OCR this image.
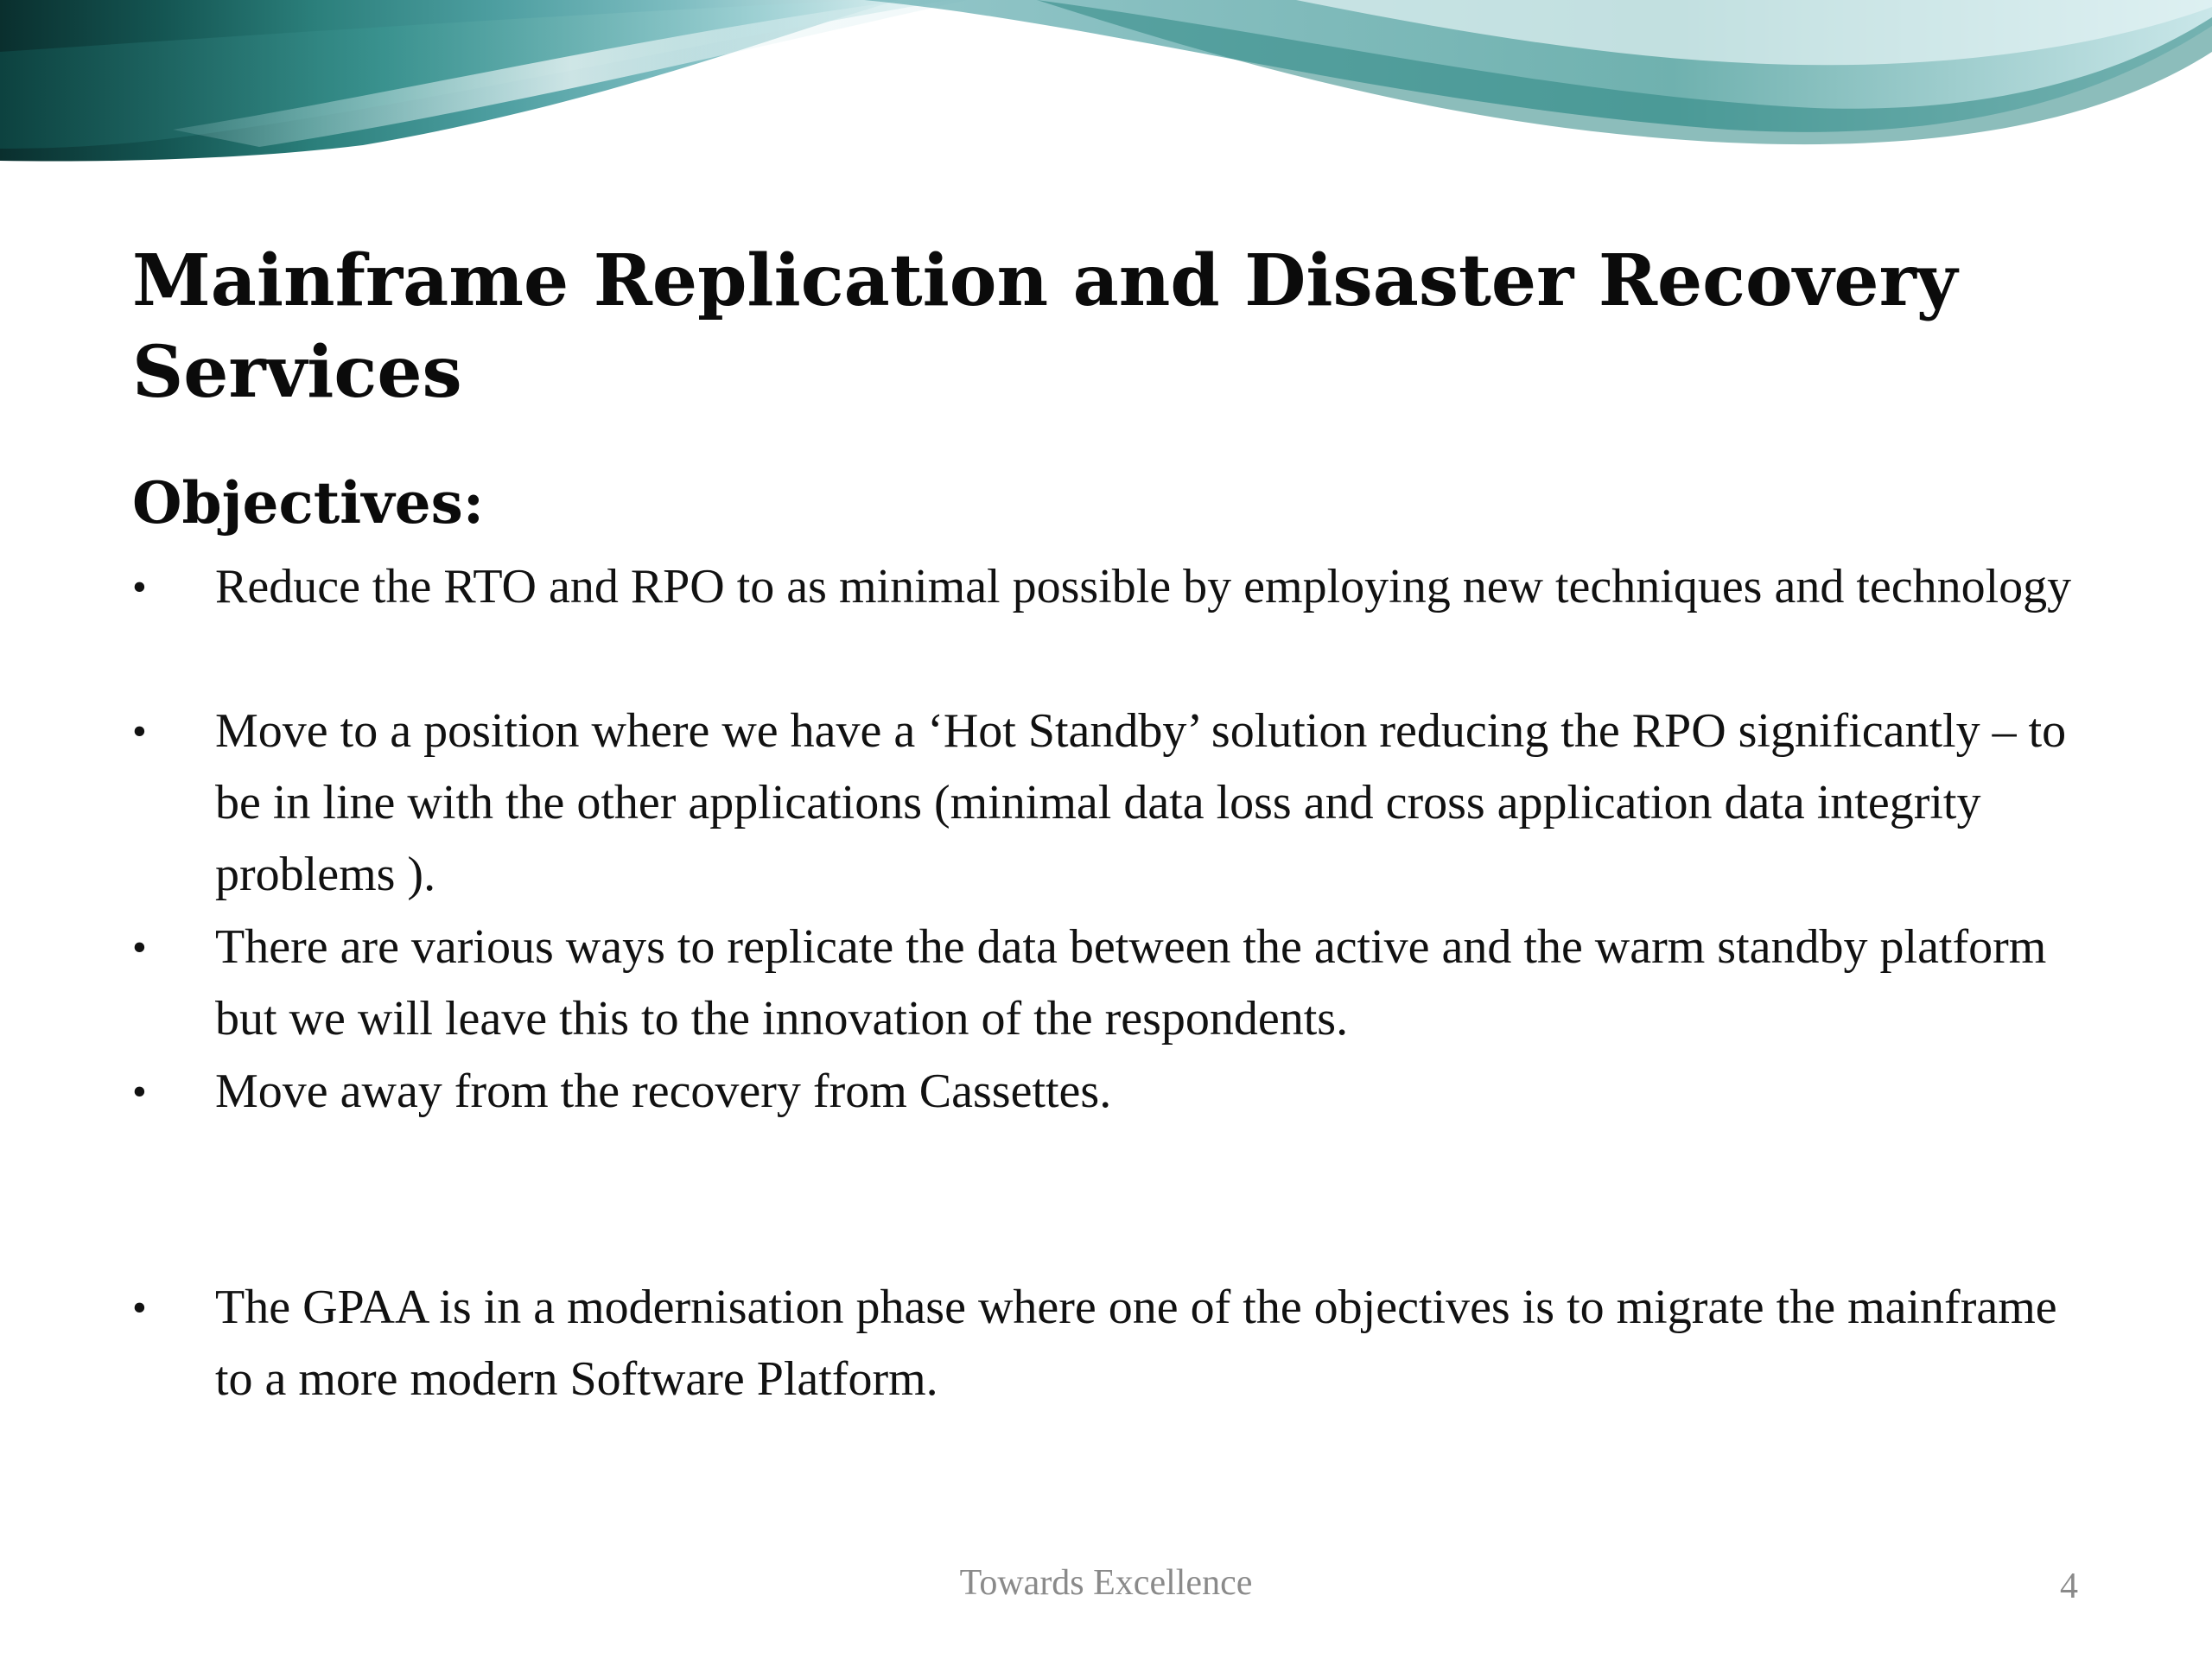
Mainframe Replication and Disaster Recovery Services
Objectives:
•	Reduce the RTO and RPO to as minimal possible by employing new techniques and technology
•	Move to a position where we have a ‘Hot Standby’ solution reducing the RPO significantly – to be in line with the other applications (minimal data loss and cross application data integrity problems ).
•	There are various ways to replicate the data between the active and the warm standby platform but we will leave this to the innovation of the respondents.
•	Move away from the recovery from Cassettes.
•	The GPAA is in a modernisation phase where one of the objectives is to migrate the mainframe to a more modern Software Platform.
Towards Excellence	4
